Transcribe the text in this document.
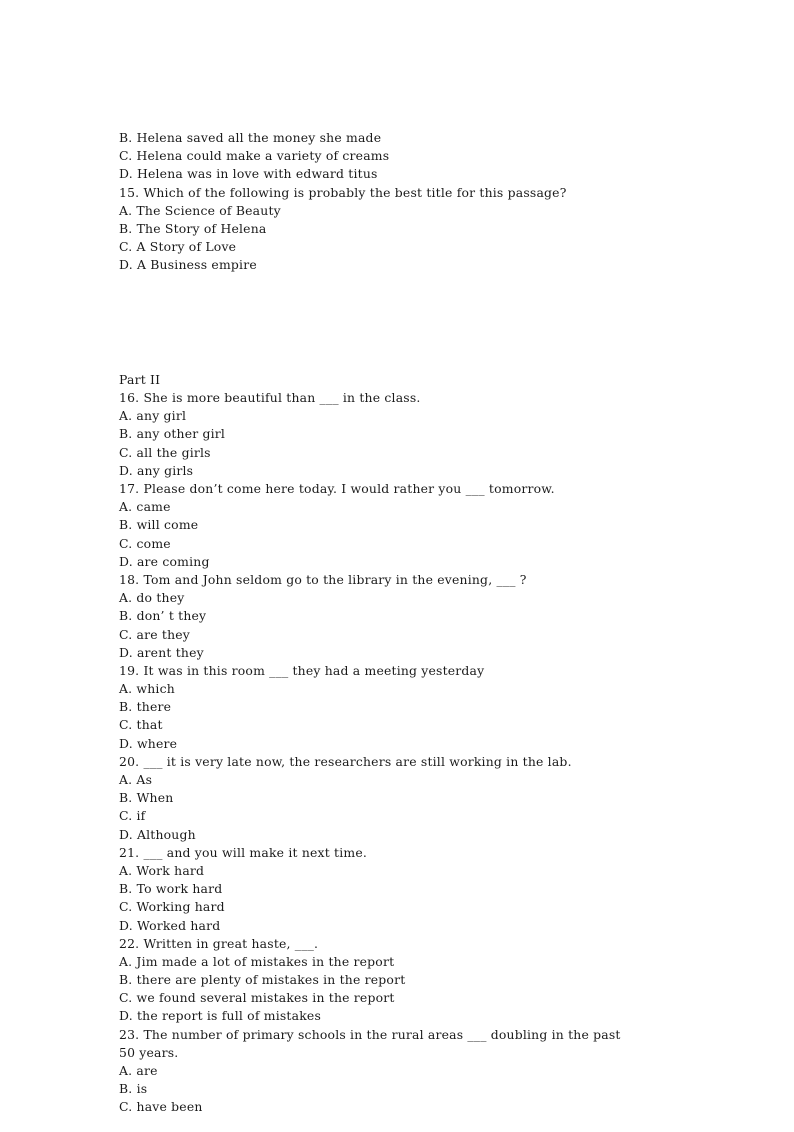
B. Helena saved all the money she made
C. Helena could make a variety of creams
D. Helena was in love with edward titus
15. Which of the following is probably the best title for this passage?
A. The Science of Beauty
B. The Story of Helena
C. A Story of Love
D. A Business empire

Part II
16. She is more beautiful than ___ in the class.
A. any girl
B. any other girl
C. all the girls
D. any girls
17. Please don’t come here today. I would rather you ___ tomorrow.
A. came
B. will come
C. come
D. are coming
18. Tom and John seldom go to the library in the evening, ___ ?
A. do they
B. don’ t they
C. are they
D. arent they
19. It was in this room ___ they had a meeting yesterday
A. which
B. there
C. that
D. where
20. ___ it is very late now, the researchers are still working in the lab.
A. As
B. When
C. if
D. Although
21. ___ and you will make it next time.
A. Work hard
B. To work hard
C. Working hard
D. Worked hard
22. Written in great haste, ___.
A. Jim made a lot of mistakes in the report
B. there are plenty of mistakes in the report
C. we found several mistakes in the report
D. the report is full of mistakes
23. The number of primary schools in the rural areas ___ doubling in the past
50 years.
A. are
B. is
C. have been
